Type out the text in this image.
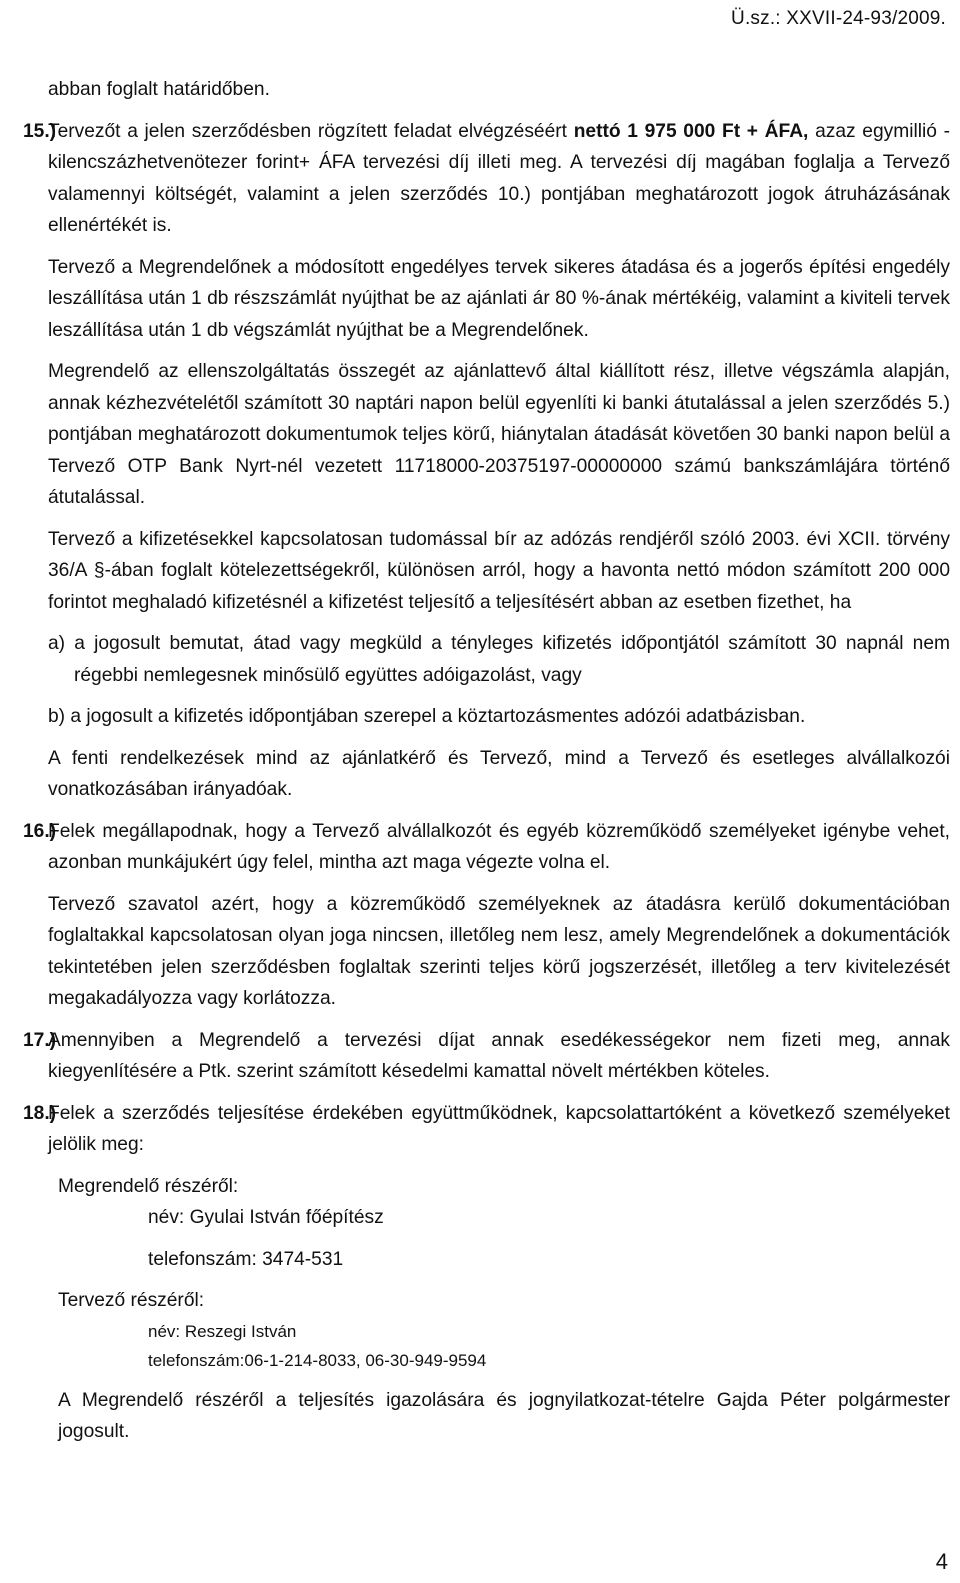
Ü.sz.: XXVII-24-93/2009.

abban foglalt határidőben.

15.)

Tervezőt a jelen szerződésben rögzített feladat elvégzéséért nettó 1 975 000 Ft + ÁFA, azaz egymillió - kilencszázhetvenötezer forint+ ÁFA tervezési díj illeti meg. A tervezési díj magában foglalja a Tervező valamennyi költségét, valamint a jelen szerződés 10.) pontjában meghatározott jogok átruházásának ellenértékét is.

Tervező a Megrendelőnek a módosított engedélyes tervek sikeres átadása és a jogerős építési engedély leszállítása után 1 db részszámlát nyújthat be az ajánlati ár 80 %-ának mértékéig, valamint a kiviteli tervek leszállítása után 1 db végszámlát nyújthat be a Megrendelőnek.

Megrendelő az ellenszolgáltatás összegét az ajánlattevő által kiállított rész, illetve végszámla alapján, annak kézhezvételétől számított 30 naptári napon belül egyenlíti ki banki átutalással a jelen szerződés 5.) pontjában meghatározott dokumentumok teljes körű, hiánytalan átadását követően 30 banki napon belül a Tervező OTP Bank Nyrt-nél vezetett 11718000-20375197-00000000 számú bankszámlájára történő átutalással.

Tervező a kifizetésekkel kapcsolatosan tudomással bír az adózás rendjéről szóló 2003. évi XCII. törvény 36/A §-ában foglalt kötelezettségekről, különösen arról, hogy a havonta nettó módon számított 200 000 forintot meghaladó kifizetésnél a kifizetést teljesítő a teljesítésért abban az esetben fizethet, ha

a) a jogosult bemutat, átad vagy megküld a tényleges kifizetés időpontjától számított 30 napnál nem régebbi nemlegesnek minősülő együttes adóigazolást, vagy

b) a jogosult a kifizetés időpontjában szerepel a köztartozásmentes adózói adatbázisban.

A fenti rendelkezések mind az ajánlatkérő és Tervező, mind a Tervező és esetleges alvállalkozói vonatkozásában irányadóak.

16.)

Felek megállapodnak, hogy a Tervező alvállalkozót és egyéb közreműködő személyeket igénybe vehet, azonban munkájukért úgy felel, mintha azt maga végezte volna el.

Tervező szavatol azért, hogy a közreműködő személyeknek az átadásra kerülő dokumentációban foglaltakkal kapcsolatosan olyan joga nincsen, illetőleg nem lesz, amely Megrendelőnek a dokumentációk tekintetében jelen szerződésben foglaltak szerinti teljes körű jogszerzését, illetőleg a terv kivitelezését megakadályozza vagy korlátozza.

17.)

Amennyiben a Megrendelő a tervezési díjat annak esedékességekor nem fizeti meg, annak kiegyenlítésére a Ptk. szerint számított késedelmi kamattal növelt mértékben köteles.

18.)

Felek a szerződés teljesítése érdekében együttműködnek, kapcsolattartóként a következő személyeket jelölik meg:

Megrendelő részéről:

név: Gyulai István főépítész

telefonszám: 3474-531

Tervező részéről:

név: Reszegi István

telefonszám:06-1-214-8033, 06-30-949-9594

A Megrendelő részéről a teljesítés igazolására és jognyilatkozat-tételre Gajda Péter polgármester jogosult.

4
